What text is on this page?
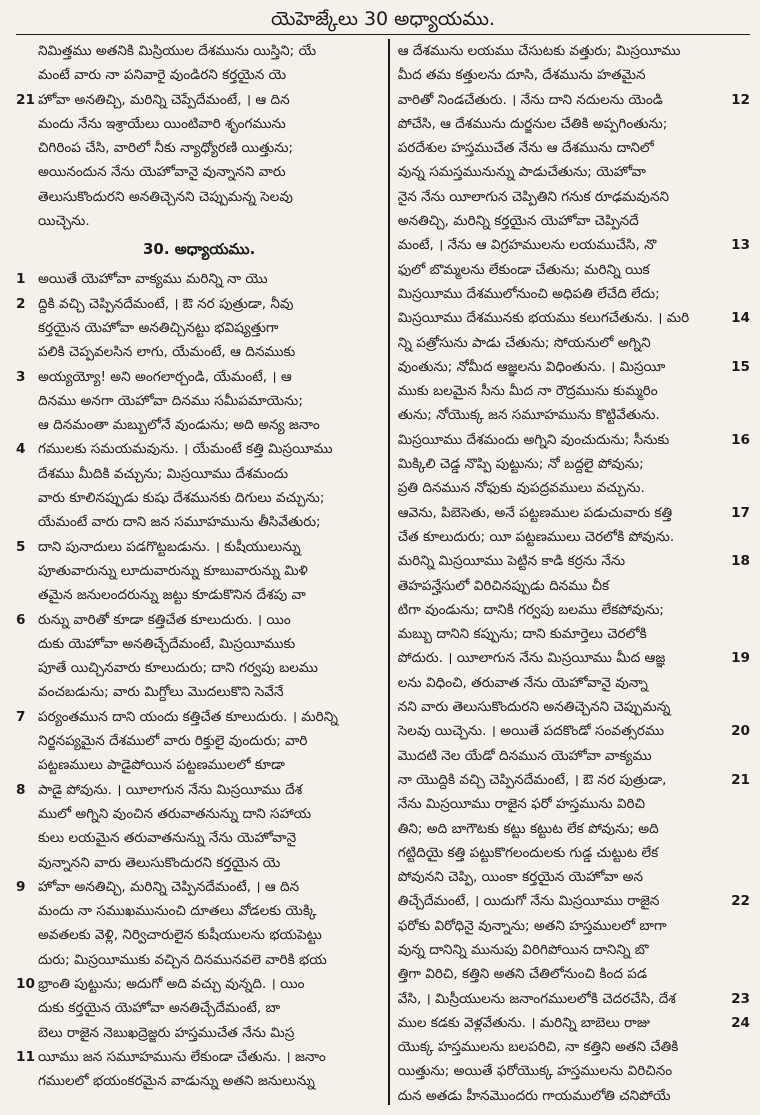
యెహెజ్కేలు 30 అధ్యాయము.
నిమిత్తము అతనికి మిస్రియుల దేశమును యిస్తిని; యే
మంటే వారు నా పనివారై వుండిరని కర్తయైన యె
21 హోవా అనతిచ్చి, మరిన్ని చెప్పేదేమంటే, । ఆ దిన
మందు నేను ఇశ్రాయేలు యింటివారి శృంగమును
చిగిరింప చేసి, వారిలో నీకు న్యాధ్యోరణి యిత్తును;
అయినందున నేను యెహోవానై వున్నానని వారు
తెలుసుకొందురని అనతిచ్చెనని చెప్పుమన్న సెలవు
యిచ్చెను.
30. అధ్యాయము.
1 అయితే యెహోవా వాక్యము మరిన్ని నా యొ
2 ద్దికి వచ్చి చెప్పినదేమంటే, । ఔ నర పుత్రుడా, నీవు
కర్తయైన యెహోవా అనతిచ్చినట్టు భవిష్యత్తుగా
పలికి చెప్పవలసిన లాగు, యేమంటే, ఆ దినముకు
3 అయ్యయ్యో! అని అంగలార్చండి, యేమంటే, । ఆ
దినము అనగా యెహోవా దినము సమీపమాయెను;
ఆ దినమంతా మబ్బులోనే వుండును; అది అన్య జనాం
4 గములకు సమయమవును. । యేమంటే కత్తి మిస్రయీము
దేశము మీదికి వచ్చును; మిస్రయీము దేశమందు
వారు కూలినప్పుడు కుషు దేశమునకు దిగులు వచ్చును;
యేమంటే వారు దాని జన సమూహమును తీసివేతురు;
5 దాని పునాదులు పడగొట్టబడును. । కుషీయులున్ను
పూతువారున్ను లూదువారున్ను కూబువారున్ను మిళి
తమైన జనులందరున్ను జట్టు కూడుకొనిన దేశపు వా
6 రున్ను వారితో కూడా కత్తిచేత కూలుదురు. । యిం
దుకు యెహోవా అనతిచ్చేదేమంటే, మిస్రయీముకు
పూతే యిచ్చినవారు కూలుదురు; దాని గర్వపు బలము
వంచబడును; వారు మిగ్దోలు మొదలుకొని సెవేనే
7 పర్యంతమున దాని యందు కత్తిచేత కూలుదురు. । మరిన్ని
నిర్జనప్యమైన దేశములో వారు రిక్తులై వుందురు; వారి
పట్టణములు పాడైపోయిన పట్టణములలో కూడా
8 పాడై పోవును. । యీలాగున నేను మిస్రయీము దేశ
ములో అగ్నిని వుంచిన తరువాతనున్ను దాని సహాయ
కులు లయమైన తరువాతనున్ను నేను యెహోవానై
వున్నానని వారు తెలుసుకొందురని కర్తయైన యె
9 హోవా అనతిచ్చి, మరిన్ని చెప్పినదేమంటే, । ఆ దిన
మందు నా సముఖమునుంచి దూతలు వోడలకు యెక్కి
అవతలకు వెళ్లి, నిర్విచారులైన కుషీయులను భయపెట్టు
దురు; మిస్రయీముకు వచ్చిన దినమునవలె వారికి భయ
10 భ్రాంతి పుట్టును; అదుగో అది వచ్చు వున్నది. । యిం
దుకు కర్తయైన యెహోవా అనతిచ్చేదేమంటే, బా
బెలు రాజైన నెబుఖద్రెజ్జరు హస్తముచేత నేను మిస్ర
11 యీము జన సమూహమును లేకుండా చేతును. । జనాం
గములలో భయంకరమైన వాడున్ను అతని జనులున్ను
ఆ దేశమును లయము చేసుటకు వత్తురు; మిస్రయీము
మీద తమ కత్తులను దూసి, దేశమును హతమైన
12
వారితో నిండచేతురు. । నేను దాని నదులను యెండి
పోచేసి, ఆ దేశమును దుర్జనుల చేతికి అప్పగింతును;
పరదేశుల హస్తముచేత నేను ఆ దేశమును దానిలో
వున్న సమస్తమునున్ను పాడుచేతును; యెహోవా
నైన నేను యీలాగున చెప్పితిని గనుక రూఢమవునని
అనతిచ్చి, మరిన్ని కర్తయైన యెహోవా చెప్పినదే
13
మంటే, । నేను ఆ విగ్రహములను లయముచేసి, నొ
ఫులో బొమ్మలను లేకుండా చేతును; మరిన్ని యిక
మిస్రయీము దేశములోనుంచి అధిపతి లేచేది లేదు;
14
మిస్రయీము దేశమునకు భయము కలుగచేతును. । మరి
న్ని పత్రోసును పాడు చేతును; సోయనులో అగ్నిని
15
వుంతును; నోమీద ఆజ్ఞలను విధింతును. । మిస్రయీ
ముకు బలమైన సీను మీద నా రౌద్రమును కుమ్మరిం
తును; నోయొక్క జన సమూహమును కొట్టివేతును.
16
మిస్రయీము దేశమందు అగ్నిని వుంచుదును; సీనుకు
మిక్కిలి చెడ్డ నొప్పి పుట్టును; నో బద్దలై పోవును;
ప్రతి దినమున నోఫుకు వుపద్రవములు వచ్చును.
17
ఆవెను, పిబెసెతు, అనే పట్టణముల పడుచువారు కత్తి
చేత కూలుదురు; యీ పట్టణములు చెరలోకి పోవును.
18
మరిన్ని మిస్రయీము పెట్టిన కాడి కర్రను నేను
తెహపన్హేసులో విరిచినప్పుడు దినము చీక
టిగా వుండును; దానికి గర్వపు బలము లేకపోవును;
మబ్బు దానిని కప్పును; దాని కుమార్తెలు చెరలోకి
19
పోదురు. । యీలాగున నేను మిస్రయీము మీద ఆజ్ఞ
లను విధించి, తరువాత నేను యెహోవానై వున్నా
నని వారు తెలుసుకొందురని అనతిచ్చెనని చెప్పుమన్న
20
సెలవు యిచ్చెను. । అయితే పదకొండో సంవత్సరము
మొదటి నెల యేడో దినమున యెహోవా వాక్యము
21
నా యొద్దికి వచ్చి చెప్పినదేమంటే, । ఔ నర పుత్రుడా,
నేను మిస్రయీము రాజైన ఫరో హస్తమును విరిచి
తిని; అది బాగౌటకు కట్టు కట్టుట లేక పోవును; అది
గట్టిదియై కత్తి పట్టుకొగలందులకు గుడ్డ చుట్టుట లేక
పోవునని చెప్పి, యింకా కర్తయైన యెహోవా అన
22
తిచ్చేదేమంటే, । యిదుగో నేను మిస్రయీము రాజైన
ఫరోకు విరోధినై వున్నాను; అతని హస్తములలో బాగా
వున్న దానిన్ని మునుపు విరిగిపోయిన దానిన్ని బొ
త్తిగా విరిచి, కత్తిని అతని చేతిలోనుంచి కింద పడ
23
వేసి, । మిస్రీయులను జనాంగములలోకి చెదరచేసి, దేశ
24
ముల కడకు వెళ్లవేతును. । మరిన్ని బాబెలు రాజు
యొక్క హస్తములను బలపరిచి, నా కత్తిని అతని చేతికి
యిత్తును; అయితే ఫరోయొక్క హస్తములను విరిచినం
దున అతడు హీనమొందరు గాయములోతి చనిపోయే
